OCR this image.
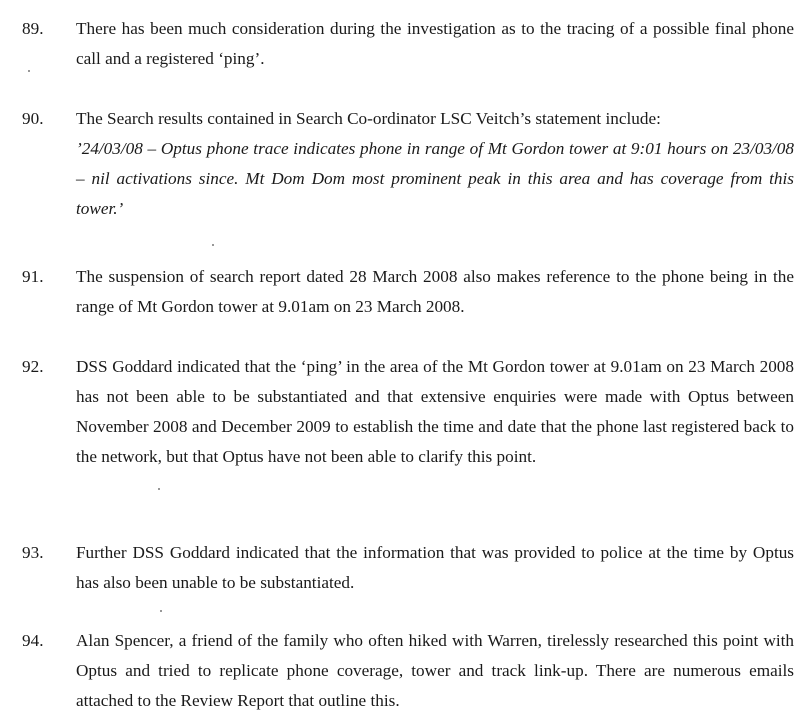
89.	There has been much consideration during the investigation as to the tracing of a possible final phone call and a registered ‘ping’.
90.	The Search results contained in Search Co-ordinator LSC Veitch’s statement include:
’24/03/08 – Optus phone trace indicates phone in range of Mt Gordon tower at 9:01 hours on 23/03/08 – nil activations since. Mt Dom Dom most prominent peak in this area and has coverage from this tower.’
91.	The suspension of search report dated 28 March 2008 also makes reference to the phone being in the range of Mt Gordon tower at 9.01am on 23 March 2008.
92.	DSS Goddard indicated that the ‘ping’ in the area of the Mt Gordon tower at 9.01am on 23 March 2008 has not been able to be substantiated and that extensive enquiries were made with Optus between November 2008 and December 2009 to establish the time and date that the phone last registered back to the network, but that Optus have not been able to clarify this point.
93.	Further DSS Goddard indicated that the information that was provided to police at the time by Optus has also been unable to be substantiated.
94.	Alan Spencer, a friend of the family who often hiked with Warren, tirelessly researched this point with Optus and tried to replicate phone coverage, tower and track link-up. There are numerous emails attached to the Review Report that outline this.
